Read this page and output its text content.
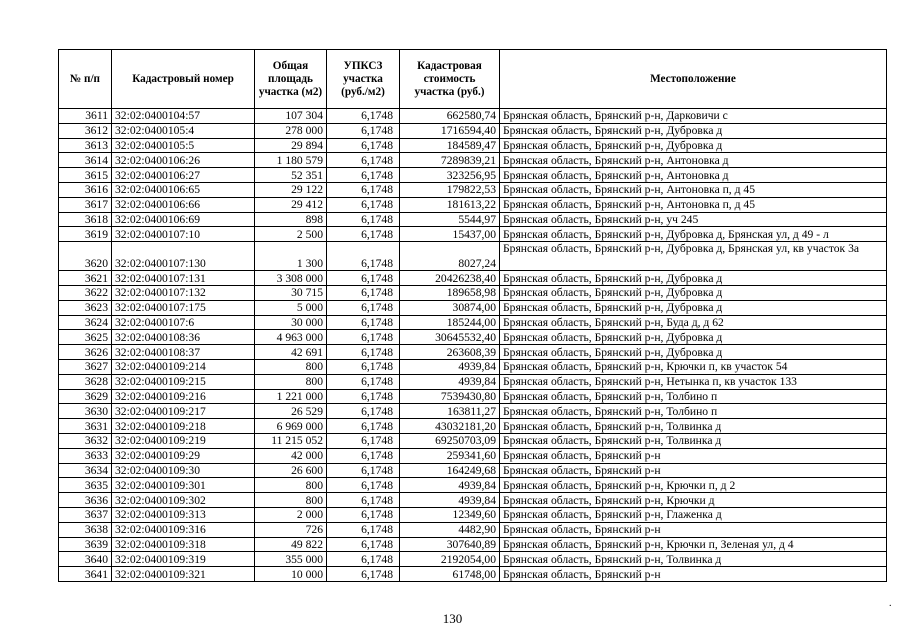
№ п/п	Кадастровый номер	Общая площадь участка (м2)	УПКСЗ участка (руб./м2)	Кадастровая стоимость участка (руб.)	Местоположение
3611	32:02:0400104:57	107 304	6,1748	662580,74	Брянская область, Брянский р-н, Дарковичи с
3612	32:02:0400105:4	278 000	6,1748	1716594,40	Брянская область, Брянский р-н, Дубровка д
3613	32:02:0400105:5	29 894	6,1748	184589,47	Брянская область, Брянский р-н, Дубровка д
3614	32:02:0400106:26	1 180 579	6,1748	7289839,21	Брянская область, Брянский р-н, Антоновка д
3615	32:02:0400106:27	52 351	6,1748	323256,95	Брянская область, Брянский р-н, Антоновка д
3616	32:02:0400106:65	29 122	6,1748	179822,53	Брянская область, Брянский р-н, Антоновка п, д 45
3617	32:02:0400106:66	29 412	6,1748	181613,22	Брянская область, Брянский р-н, Антоновка п, д 45
3618	32:02:0400106:69	898	6,1748	5544,97	Брянская область, Брянский р-н, уч 245
3619	32:02:0400107:10	2 500	6,1748	15437,00	Брянская область, Брянский р-н, Дубровка д, Брянская ул, д 49 - л
3620	32:02:0400107:130	1 300	6,1748	8027,24	Брянская область, Брянский р-н, Дубровка д, Брянская ул, кв участок 3а
3621	32:02:0400107:131	3 308 000	6,1748	20426238,40	Брянская область, Брянский р-н, Дубровка д
3622	32:02:0400107:132	30 715	6,1748	189658,98	Брянская область, Брянский р-н, Дубровка д
3623	32:02:0400107:175	5 000	6,1748	30874,00	Брянская область, Брянский р-н, Дубровка д
3624	32:02:0400107:6	30 000	6,1748	185244,00	Брянская область, Брянский р-н, Буда д, д 62
3625	32:02:0400108:36	4 963 000	6,1748	30645532,40	Брянская область, Брянский р-н, Дубровка д
3626	32:02:0400108:37	42 691	6,1748	263608,39	Брянская область, Брянский р-н, Дубровка д
3627	32:02:0400109:214	800	6,1748	4939,84	Брянская область, Брянский р-н, Крючки п, кв участок 54
3628	32:02:0400109:215	800	6,1748	4939,84	Брянская область, Брянский р-н, Нетынка п, кв участок 133
3629	32:02:0400109:216	1 221 000	6,1748	7539430,80	Брянская область, Брянский р-н, Толбино п
3630	32:02:0400109:217	26 529	6,1748	163811,27	Брянская область, Брянский р-н, Толбино п
3631	32:02:0400109:218	6 969 000	6,1748	43032181,20	Брянская область, Брянский р-н, Толвинка д
3632	32:02:0400109:219	11 215 052	6,1748	69250703,09	Брянская область, Брянский р-н, Толвинка д
3633	32:02:0400109:29	42 000	6,1748	259341,60	Брянская область, Брянский р-н
3634	32:02:0400109:30	26 600	6,1748	164249,68	Брянская область, Брянский р-н
3635	32:02:0400109:301	800	6,1748	4939,84	Брянская область, Брянский р-н, Крючки п, д 2
3636	32:02:0400109:302	800	6,1748	4939,84	Брянская область, Брянский р-н, Крючки д
3637	32:02:0400109:313	2 000	6,1748	12349,60	Брянская область, Брянский р-н, Глаженка д
3638	32:02:0400109:316	726	6,1748	4482,90	Брянская область, Брянский р-н
3639	32:02:0400109:318	49 822	6,1748	307640,89	Брянская область, Брянский р-н, Крючки п, Зеленая ул, д 4
3640	32:02:0400109:319	355 000	6,1748	2192054,00	Брянская область, Брянский р-н, Толвинка д
3641	32:02:0400109:321	10 000	6,1748	61748,00	Брянская область, Брянский р-н
130
.
